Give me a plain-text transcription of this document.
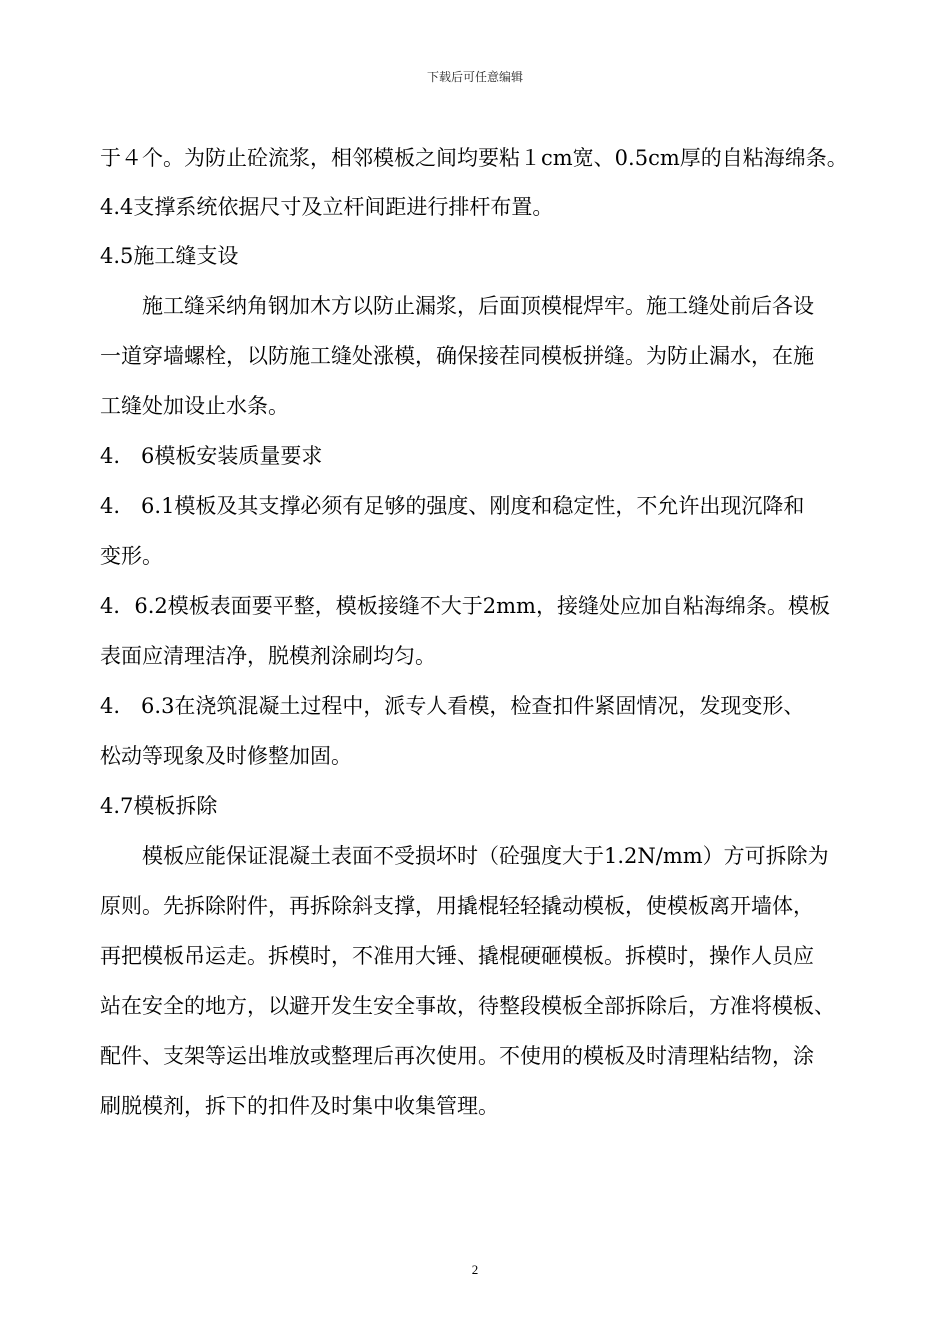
下载后可任意编辑
于４个。为防止砼流浆，相邻模板之间均要粘１cm宽、0.5cm厚的自粘海绵条。
4.4支撑系统依据尺寸及立杆间距进行排杆布置。
4.5施工缝支设
　　施工缝采纳角钢加木方以防止漏浆，后面顶模棍焊牢。施工缝处前后各设
一道穿墙螺栓，以防施工缝处涨模，确保接茬同模板拼缝。为防止漏水，在施
工缝处加设止水条。
4.　6模板安装质量要求
4.　6.1模板及其支撑必须有足够的强度、刚度和稳定性，不允许出现沉降和
变形。
4．6.2模板表面要平整，模板接缝不大于2mm，接缝处应加自粘海绵条。模板
表面应清理洁净，脱模剂涂刷均匀。
4.　6.3在浇筑混凝土过程中，派专人看模，检查扣件紧固情况，发现变形、
松动等现象及时修整加固。
4.7模板拆除
　　模板应能保证混凝土表面不受损坏时（砼强度大于1.2N/mm）方可拆除为
原则。先拆除附件，再拆除斜支撑，用撬棍轻轻撬动模板，使模板离开墙体，
再把模板吊运走。拆模时，不准用大锤、撬棍硬砸模板。拆模时，操作人员应
站在安全的地方，以避开发生安全事故，待整段模板全部拆除后，方准将模板、
配件、支架等运出堆放或整理后再次使用。不使用的模板及时清理粘结物，涂
刷脱模剂，拆下的扣件及时集中收集管理。
2
